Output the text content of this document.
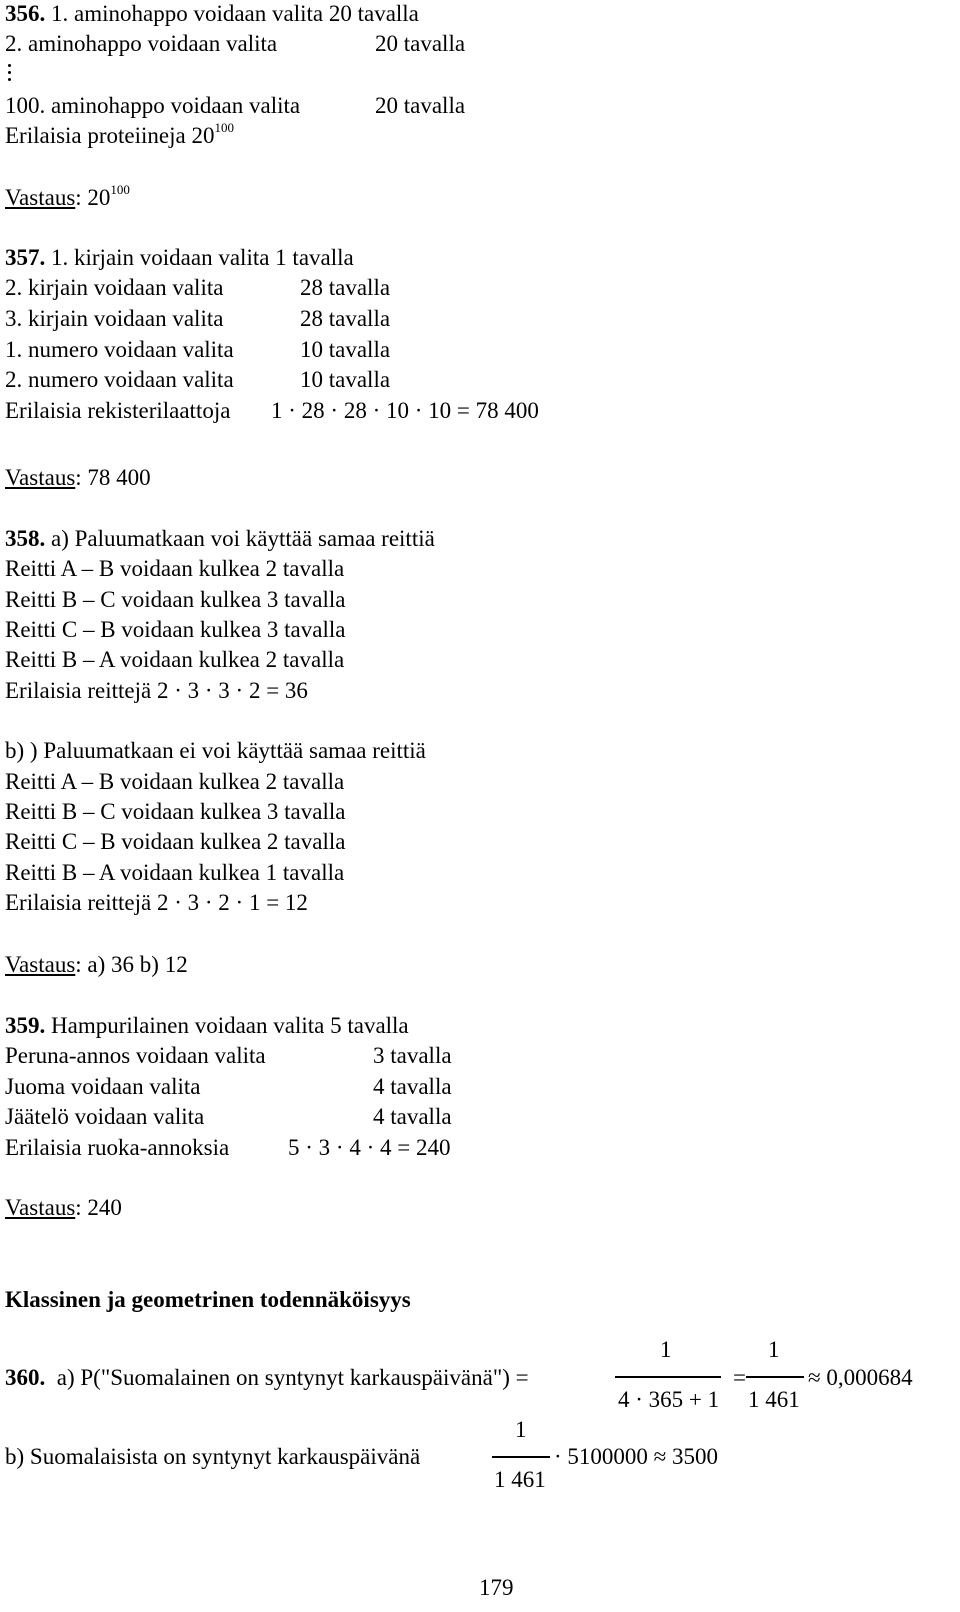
356. 1. aminohappo voidaan valita 20 tavalla
2. aminohappo voidaan valita	20 tavalla
100. aminohappo voidaan valita	20 tavalla
Erilaisia proteiineja $20^{100}$
Vastaus: $20^{100}$
357. 1. kirjain voidaan valita 1 tavalla
2. kirjain voidaan valita	28 tavalla
3. kirjain voidaan valita	28 tavalla
1. numero voidaan valita	10 tavalla
2. numero voidaan valita	10 tavalla
Erilaisia rekisterilaattoja 1 · 28 · 28 · 10 · 10 = 78 400
Vastaus: 78 400
358. a) Paluumatkaan voi käyttää samaa reittiä
Reitti A – B voidaan kulkea 2 tavalla
Reitti B – C voidaan kulkea 3 tavalla
Reitti C – B voidaan kulkea 3 tavalla
Reitti B – A voidaan kulkea 2 tavalla
Erilaisia reittejä 2 · 3 · 3 · 2 = 36
b) ) Paluumatkaan ei voi käyttää samaa reittiä
Reitti A – B voidaan kulkea 2 tavalla
Reitti B – C voidaan kulkea 3 tavalla
Reitti C – B voidaan kulkea 2 tavalla
Reitti B – A voidaan kulkea 1 tavalla
Erilaisia reittejä 2 · 3 · 2 · 1 = 12
Vastaus: a) 36 b) 12
359. Hampurilainen voidaan valita 5 tavalla
Peruna-annos voidaan valita	3 tavalla
Juoma voidaan valita	4 tavalla
Jäätelö voidaan valita	4 tavalla
Erilaisia ruoka-annoksia	5 · 3 · 4 · 4 = 240
Vastaus: 240
Klassinen ja geometrinen todennäköisyys
360. a) P("Suomalainen on syntynyt karkauspäivänä") =
1
4 · 365 + 1
=
1
1 461
≈ 0,000684
b) Suomalaisista on syntynyt karkauspäivänä
1
1 461
· 5100000 ≈ 3500
179
